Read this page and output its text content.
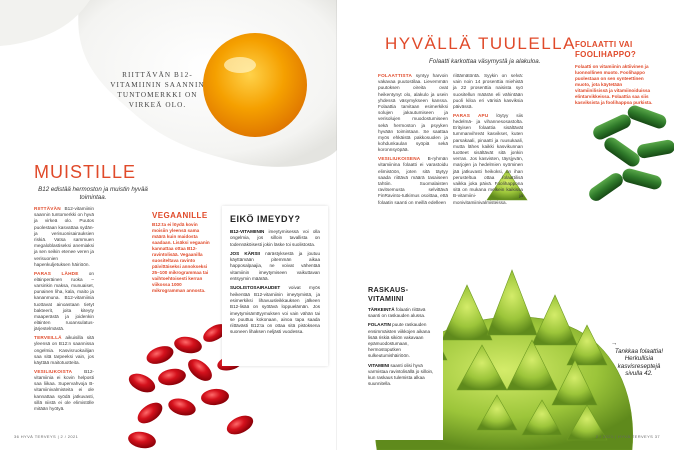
RIITTÄVÄN B12-VITAMIININ SAANNIN TUNTOMERKKI ON VIRKEÄ OLO.
MUISTILLE
B12 edistää hermoston ja muistin hyvää toimintaa.

RIITTÄVÄN B12-vitamiinin saannin tuntomerkki on hyvä ja virkeä olo. Puutos puolestaan kasvattaa sydän- ja verisuonisairauksien riskiä. Vatsa sammuen megaloblastiseksi anemiaksi ja sen seikin etenee veren ja verisuonien hapenkuljetuksen häiriöön.

PARAS LÄHDE on eläinperäinen ruoka – varsinkin maksa, munuaiset, punainen liha, kala, maito ja kananmuna. B12-vitamiinia tuottavat ainoastaan tietyt bakteerit, joita kiteyty maaperästä ja joidenkin eläinten ruoansulatus-järjestelmästä.

TERVEILLÄ aikuisilla sitä yleensä on B12:n saannissa ongelmia. Kasvisruokailijan saa sitä tarpeeksi vain, jos käyttää maitotuotteita.

VESILIUKOISTA B12-vitamiinia ei kovin helposti saa liikaa. Supervahvoja B-vitamiinivalmisteita ei ole kannattaa syödä jatkuvasti, sillä niistä ei ole elimistölle mitään hyötyä.

VEGAANILLE
B12:ta ei löydä kovin moisiin yleensä sama määrä kuin maidosta saadaan. Lisäksi vegaanin kannattaa ottaa B12-ravintolisää. Vegaanilla suositeltava ravinto päivittäiseksi annokseksi 25–100 mikrogrammaa tai vaihtoehtoisesti kerran viikossa 1000 mikrogramman annosta.
EIKÖ IMEYDY?

B12-VITAMIININ imeytymisessä voi olla ongelmia, jos silloin tavallista on todennäköisesti jokin läske toi suolistosta.

JOS KÄRSII närästyksestä ja joutuu käyttämään pitemmän aikaa happosalpaajia, ne voivat vähentää vitamiinin imeytymiseen vaikuttavan entsyymin määrää.

SUOLISTOSAIRAUDET voivat myös heikentää B12-vitamiinin imeytymistä, ja esimerkiksi lihavuusleikkauksen jälkeen B12-lisää on syötävä loppuelämän. Jos imeytymisämttyymuksen voi vain vähän tai se puuttuu kokonaan, ainoa tapa saada riittävästi B12:ta on ottaa sitä pistoksena suoneen lihaksen neljästi vuodessa.

36 HYVÄ TERVEYS | 2 / 2021
HYVÄLLÄ TUULELLA
Folaatti karkottaa väsymystä ja alakuloa.

FOLAATTISTA syntyy harvoin vakavaa puutostilaa. Lievemmän puutoksen oireita ovat heikentynyt olo, alakulo ja usein yhdessä väsymykseen kanssa. Folaattia tarvitaan esimerkiksi solujen jakautumiseen ja verisolujen muodostumiseen sekä hermoston ja psyyken hyvään toimintaan. Se saattaa myös ehkäistä pakkosuolen ja kohdunkaulan syöpiä sekä koronnsyöpää.

VESILIUKOISENA B-ryhmän vitamiinina folaatti ei varastoidu elimistöön, joten sitä täytyy saada riittävä määrä tasaiseen tahtiin. Suomalaisten ravitsemusta selvittävä FinRavinto-tutkimus osoittaa, että folaatin saanti on meillä edelleen

riittämätöntä. Syykin on selvä: vain noin 14 prosenttia miehistä ja 22 prosenttia naisista syö suositellun määrän eli vähintään puoli kiloa eri värisiä kasviksia päivässä.

PARAS APU löytyy siis hedelmä- ja vihannesosastolta. Erityisen folaattia sisältävät tummanvihreät kasvikset, kuten parsakaali, pinaatti ja ruusukaali, mutta lähes kaikki kasvikunnan tuotteet sisältävät sitä jonkin verran. Jos kasvisten, täysjyvän, marjojen ja hedelmien syöminen jää jatkuvasti heikoksi, on ihan perusteltua ottaa folaattilisä vaikka joka päivä. Foolihappona sitä on mukana melkein kaikissa B-vitamiini- ja monivitamiinivalmisteissa.

FOLAATTI VAI FOOLIHAPPO?
Folaatti on vitamiinin aktiivinen ja luonnollinen muoto. Foolihappo puolestaan on sen synteettinen muoto, jota käytetään vitamiinilisissä ja vitamiinoiduissa elintarvikkeissa. Folaattia saa siis kasviksista ja foolihappoa purkista.
RASKAUS-VITAMIINI

TÄRKEINTÄ folaatin riittävä saanti on raskauden alussa.

FOLAATIN puute raskauden ensimmäisten viikkojen aikana lisää riskiä sikiön vakavaan epämuodostumaan, hermostoputken sulkeutumishäiriöön.

VITAMIINI saanti olisi hyvä varmistaa ravintolisällä jo silloin, kun raskaus tulemista alkaa suunnitella.

→
Tankkaa folaattia! Herkullisia kasvisreseptejä sivulla 42.
2 / 2021 | HYVÄ TERVEYS 37
